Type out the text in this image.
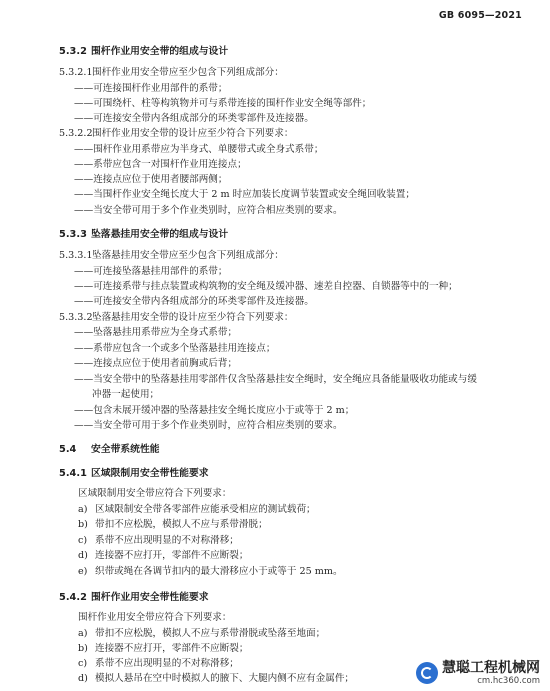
GB 6095—2021
5.3.2 围杆作业用安全带的组成与设计
5.3.2.1围杆作业用安全带应至少包含下列组成部分：
——可连接围杆作业用部件的系带；
——可围绕杆、柱等构筑物并可与系带连接的围杆作业安全绳等部件；
——可连接安全带内各组成部分的环类零部件及连接器。
5.3.2.2围杆作业用安全带的设计应至少符合下列要求：
——围杆作业用系带应为半身式、单腰带式或全身式系带；
——系带应包含一对围杆作业用连接点；
——连接点应位于使用者腰部两侧；
——当围杆作业安全绳长度大于 2 m 时应加装长度调节装置或安全绳回收装置；
——当安全带可用于多个作业类别时，应符合相应类别的要求。
5.3.3 坠落悬挂用安全带的组成与设计
5.3.3.1坠落悬挂用安全带应至少包含下列组成部分：
——可连接坠落悬挂用部件的系带；
——可连接系带与挂点装置或构筑物的安全绳及缓冲器、速差自控器、自锁器等中的一种；
——可连接安全带内各组成部分的环类零部件及连接器。
5.3.3.2坠落悬挂用安全带的设计应至少符合下列要求：
——坠落悬挂用系带应为全身式系带；
——系带应包含一个或多个坠落悬挂用连接点；
——连接点应位于使用者前胸或后背；
——当安全带中的坠落悬挂用零部件仅含坠落悬挂安全绳时，安全绳应具备能量吸收功能或与缓
冲器一起使用；
——包含未展开缓冲器的坠落悬挂安全绳长度应小于或等于 2 m；
——当安全带可用于多个作业类别时，应符合相应类别的要求。
5.4 安全带系统性能
5.4.1 区域限制用安全带性能要求
区域限制用安全带应符合下列要求：
a) 区域限制安全带各零部件应能承受相应的测试载荷；
b) 带扣不应松脱，模拟人不应与系带滑脱；
c) 系带不应出现明显的不对称滑移；
d) 连接器不应打开，零部件不应断裂；
e) 织带或绳在各调节扣内的最大滑移应小于或等于 25 mm。
5.4.2 围杆作业用安全带性能要求
围杆作业用安全带应符合下列要求：
a) 带扣不应松脱，模拟人不应与系带滑脱或坠落至地面；
b) 连接器不应打开，零部件不应断裂；
c) 系带不应出现明显的不对称滑移；
d) 模拟人悬吊在空中时模拟人的腋下、大腿内侧不应有金属件；
慧聪工程机械网
cm.hc360.com
